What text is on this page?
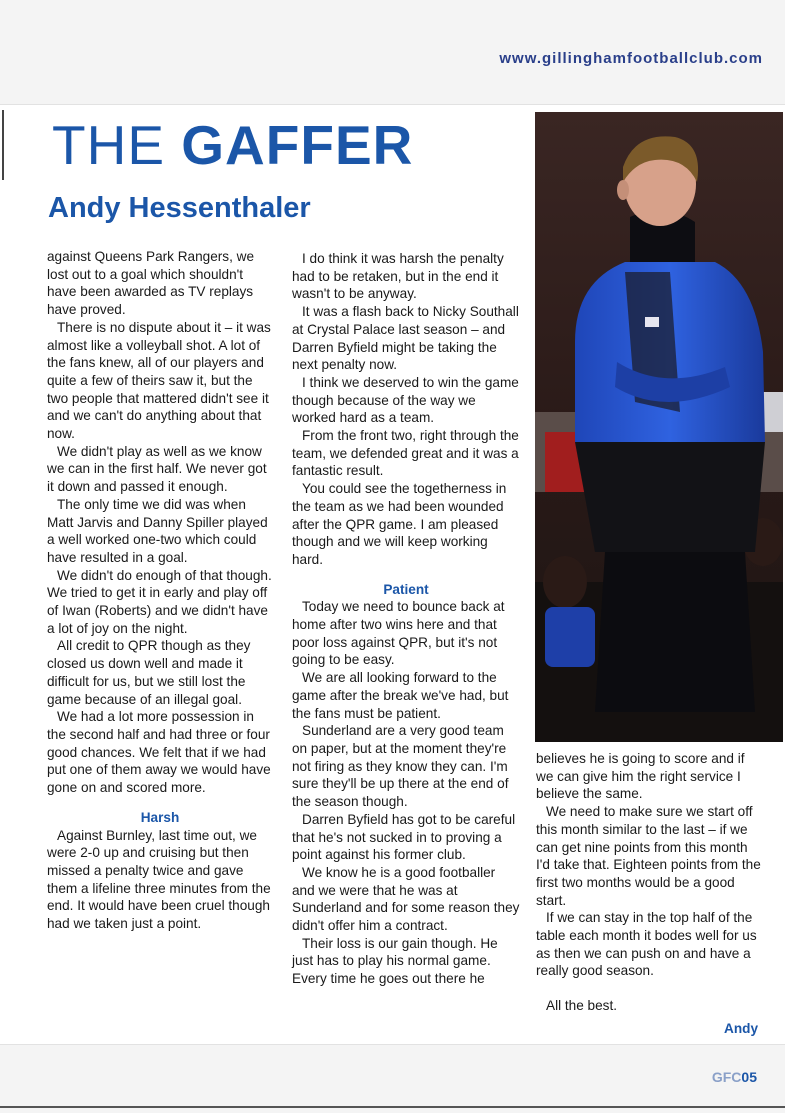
www.gillinghamfootballclub.com
THE GAFFER
Andy Hessenthaler

against Queens Park Rangers, we lost out to a goal which shouldn't have been awarded as TV replays have proved.

There is no dispute about it – it was almost like a volleyball shot. A lot of the fans knew, all of our players and quite a few of theirs saw it, but the two people that mattered didn't see it and we can't do anything about that now.

We didn't play as well as we know we can in the first half. We never got it down and passed it enough.

The only time we did was when Matt Jarvis and Danny Spiller played a well worked one-two which could have resulted in a goal.

We didn't do enough of that though. We tried to get it in early and play off of Iwan (Roberts) and we didn't have a lot of joy on the night.

All credit to QPR though as they closed us down well and made it difficult for us, but we still lost the game because of an illegal goal.

We had a lot more possession in the second half and had three or four good chances. We felt that if we had put one of them away we would have gone on and scored more.

Harsh

Against Burnley, last time out, we were 2-0 up and cruising but then missed a penalty twice and gave them a lifeline three minutes from the end. It would have been cruel though had we taken just a point.

I do think it was harsh the penalty had to be retaken, but in the end it wasn't to be anyway.

It was a flash back to Nicky Southall at Crystal Palace last season – and Darren Byfield might be taking the next penalty now.

I think we deserved to win the game though because of the way we worked hard as a team.

From the front two, right through the team, we defended great and it was a fantastic result.

You could see the togetherness in the team as we had been wounded after the QPR game. I am pleased though and we will keep working hard.

Patient

Today we need to bounce back at home after two wins here and that poor loss against QPR, but it's not going to be easy.

We are all looking forward to the game after the break we've had, but the fans must be patient.

Sunderland are a very good team on paper, but at the moment they're not firing as they know they can. I'm sure they'll be up there at the end of the season though.

Darren Byfield has got to be careful that he's not sucked in to proving a point against his former club.

We know he is a good footballer and we were that he was at Sunderland and for some reason they didn't offer him a contract.

Their loss is our gain though. He just has to play his normal game. Every time he goes out there he

believes he is going to score and if we can give him the right service I believe the same.

We need to make sure we start off this month similar to the last – if we can get nine points from this month I'd take that. Eighteen points from the first two months would be a good start.

If we can stay in the top half of the table each month it bodes well for us as then we can push on and have a really good season.

All the best.

Andy

GFC05
